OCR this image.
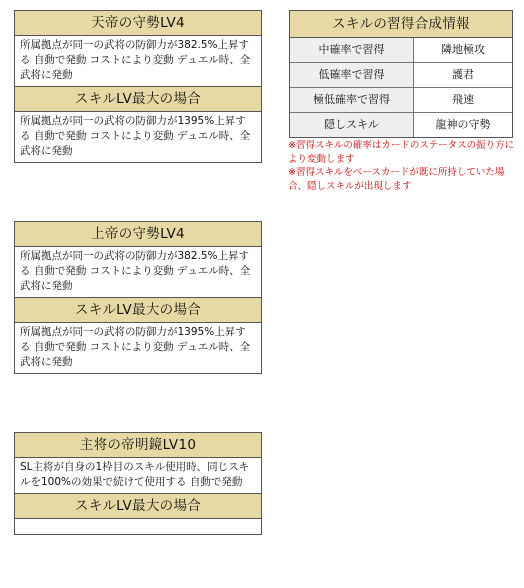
天帝の守勢LV4
所属拠点が同一の武将の防御力が382.5%上昇する 自動で発動 コストにより変動 デュエル時、全武将に発動
スキルLV最大の場合
所属拠点が同一の武将の防御力が1395%上昇する 自動で発動 コストにより変動 デュエル時、全武将に発動
上帝の守勢LV4
所属拠点が同一の武将の防御力が382.5%上昇する 自動で発動 コストにより変動 デュエル時、全武将に発動
スキルLV最大の場合
所属拠点が同一の武将の防御力が1395%上昇する 自動で発動 コストにより変動 デュエル時、全武将に発動
主将の帝明鏡LV10
SL主将が自身の1枠目のスキル使用時、同じスキルを100%の効果で続けて使用する 自動で発動
スキルLV最大の場合
スキルの習得合成情報
中確率で習得	隣地極攻
低確率で習得	護君
極低確率で習得	飛速
隠しスキル	龍神の守勢
※習得スキルの確率はカードのステータスの振り方により変動します
※習得スキルをベースカードが既に所持していた場合、隠しスキルが出現します
